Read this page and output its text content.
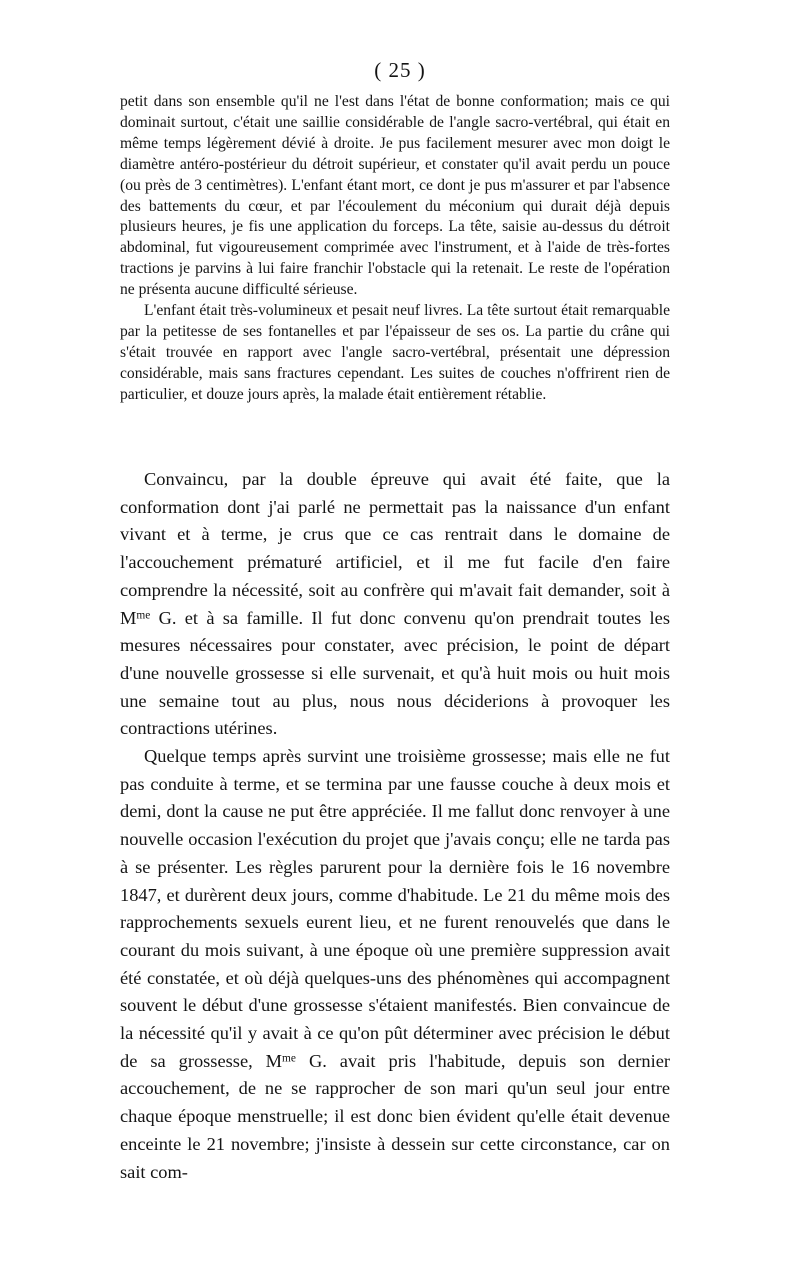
( 25 )

petit dans son ensemble qu'il ne l'est dans l'état de bonne conformation; mais ce qui dominait surtout, c'était une saillie considérable de l'angle sacro-vertébral, qui était en même temps légèrement dévié à droite. Je pus facilement mesurer avec mon doigt le diamètre antéro-postérieur du détroit supérieur, et constater qu'il avait perdu un pouce (ou près de 3 centimètres). L'enfant étant mort, ce dont je pus m'assurer et par l'absence des battements du cœur, et par l'écoulement du méconium qui durait déjà depuis plusieurs heures, je fis une application du forceps. La tête, saisie au-dessus du détroit abdominal, fut vigoureusement comprimée avec l'instrument, et à l'aide de très-fortes tractions je parvins à lui faire franchir l'obstacle qui la retenait. Le reste de l'opération ne présenta aucune difficulté sérieuse.

L'enfant était très-volumineux et pesait neuf livres. La tête surtout était remarquable par la petitesse de ses fontanelles et par l'épaisseur de ses os. La partie du crâne qui s'était trouvée en rapport avec l'angle sacro-vertébral, présentait une dépression considérable, mais sans fractures cependant. Les suites de couches n'offrirent rien de particulier, et douze jours après, la malade était entièrement rétablie.

Convaincu, par la double épreuve qui avait été faite, que la conformation dont j'ai parlé ne permettait pas la naissance d'un enfant vivant et à terme, je crus que ce cas rentrait dans le domaine de l'accouchement prématuré artificiel, et il me fut facile d'en faire comprendre la nécessité, soit au confrère qui m'avait fait demander, soit à $M^{me}$ G. et à sa famille. Il fut donc convenu qu'on prendrait toutes les mesures nécessaires pour constater, avec précision, le point de départ d'une nouvelle grossesse si elle survenait, et qu'à huit mois ou huit mois une semaine tout au plus, nous nous déciderions à provoquer les contractions utérines.

Quelque temps après survint une troisième grossesse; mais elle ne fut pas conduite à terme, et se termina par une fausse couche à deux mois et demi, dont la cause ne put être appréciée. Il me fallut donc renvoyer à une nouvelle occasion l'exécution du projet que j'avais conçu; elle ne tarda pas à se présenter. Les règles parurent pour la dernière fois le 16 novembre 1847, et durèrent deux jours, comme d'habitude. Le 21 du même mois des rapprochements sexuels eurent lieu, et ne furent renouvelés que dans le courant du mois suivant, à une époque où une première suppression avait été constatée, et où déjà quelques-uns des phénomènes qui accompagnent souvent le début d'une grossesse s'étaient manifestés. Bien convaincue de la nécessité qu'il y avait à ce qu'on pût déterminer avec précision le début de sa grossesse, $M^{me}$ G. avait pris l'habitude, depuis son dernier accouchement, de ne se rapprocher de son mari qu'un seul jour entre chaque époque menstruelle; il est donc bien évident qu'elle était devenue enceinte le 21 novembre; j'insiste à dessein sur cette circonstance, car on sait com-
